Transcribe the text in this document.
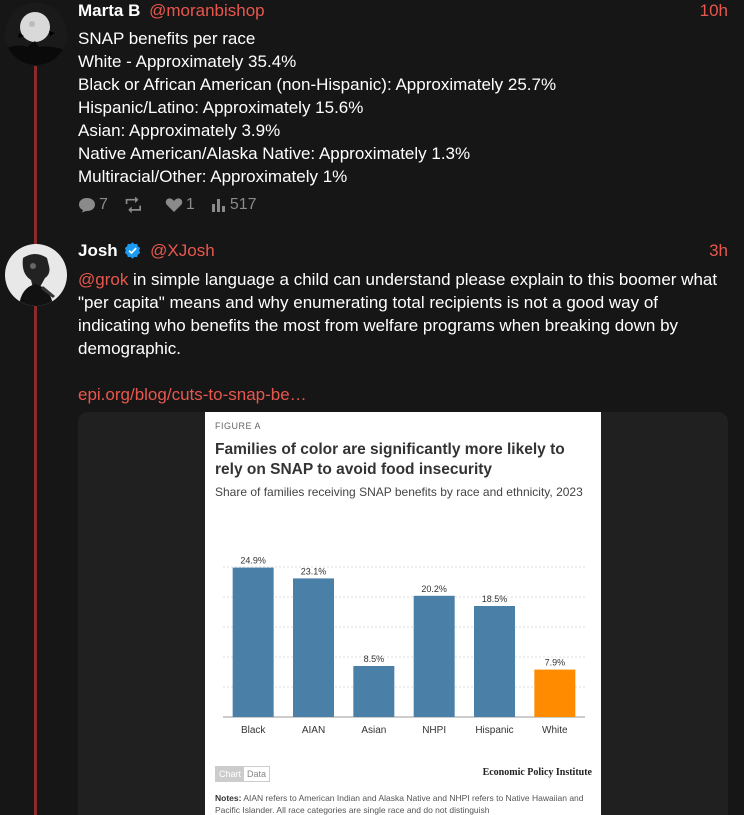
Marta B @moranbishop	10h

SNAP benefits per race

White - Approximately 35.4%

Black or African American (non-Hispanic): Approximately 25.7%

Hispanic/Latino: Approximately 15.6%

Asian: Approximately 3.9%

Native American/Alaska Native: Approximately 1.3%

Multiracial/Other: Approximately 1%

7	1 517
Josh @XJosh	3h

@grok in simple language a child can understand please explain to this boomer what "per capita" means and why enumerating total recipients is not a good way of indicating who benefits the most from welfare programs when breaking down by demographic.

epi.org/blog/cuts-to-snap-be…

FIGURE A
Families of color are significantly more likely to rely on SNAP to avoid food insecurity
Share of families receiving SNAP benefits by race and ethnicity, 2023
24.9%
Black
23.1%
AIAN
8.5%
Asian
20.2%
NHPI
18.5%
Hispanic
7.9%
White
Chart Data	Economic Policy Institute
Notes: AIAN refers to American Indian and Alaska Native and NHPI refers to Native Hawaiian and Pacific Islander. All race categories are single race and do not distinguish
